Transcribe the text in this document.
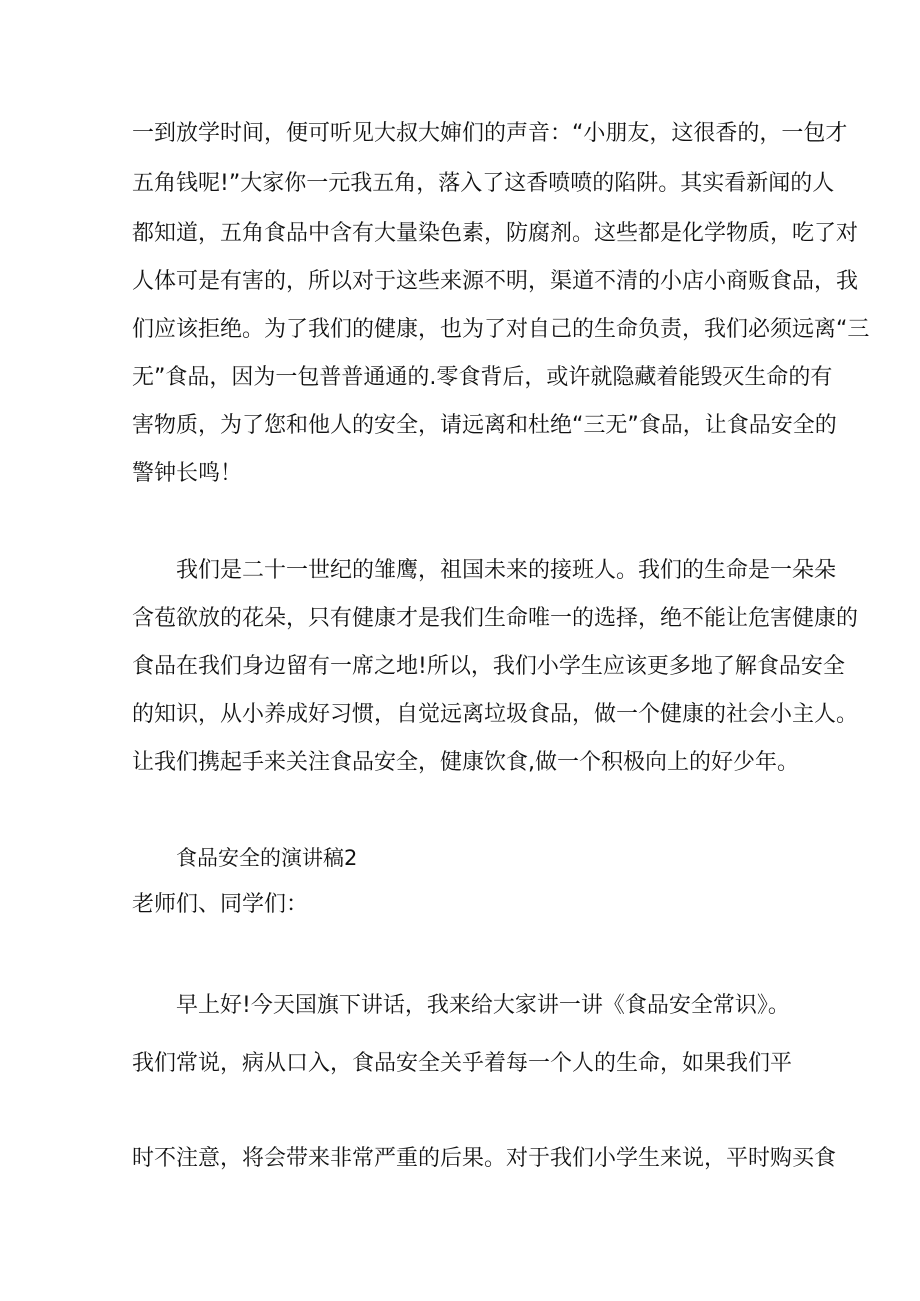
一到放学时间，便可听见大叔大婶们的声音：“小朋友，这很香的，一包才
五角钱呢!”大家你一元我五角，落入了这香喷喷的陷阱。其实看新闻的人
都知道，五角食品中含有大量染色素，防腐剂。这些都是化学物质，吃了对
人体可是有害的，所以对于这些来源不明，渠道不清的小店小商贩食品，我
们应该拒绝。为了我们的健康，也为了对自己的生命负责，我们必须远离“三
无”食品，因为一包普普通通的.零食背后，或许就隐藏着能毁灭生命的有
害物质，为了您和他人的安全，请远离和杜绝“三无”食品，让食品安全的
警钟长鸣！
我们是二十一世纪的雏鹰，祖国未来的接班人。我们的生命是一朵朵
含苞欲放的花朵，只有健康才是我们生命唯一的选择，绝不能让危害健康的
食品在我们身边留有一席之地!所以，我们小学生应该更多地了解食品安全
的知识，从小养成好习惯，自觉远离垃圾食品，做一个健康的社会小主人。
让我们携起手来关注食品安全，健康饮食,做一个积极向上的好少年。
食品安全的演讲稿2
老师们、同学们：
早上好!今天国旗下讲话，我来给大家讲一讲《食品安全常识》。
我们常说，病从口入，食品安全关乎着每一个人的生命，如果我们平
时不注意，将会带来非常严重的后果。对于我们小学生来说，平时购买食
